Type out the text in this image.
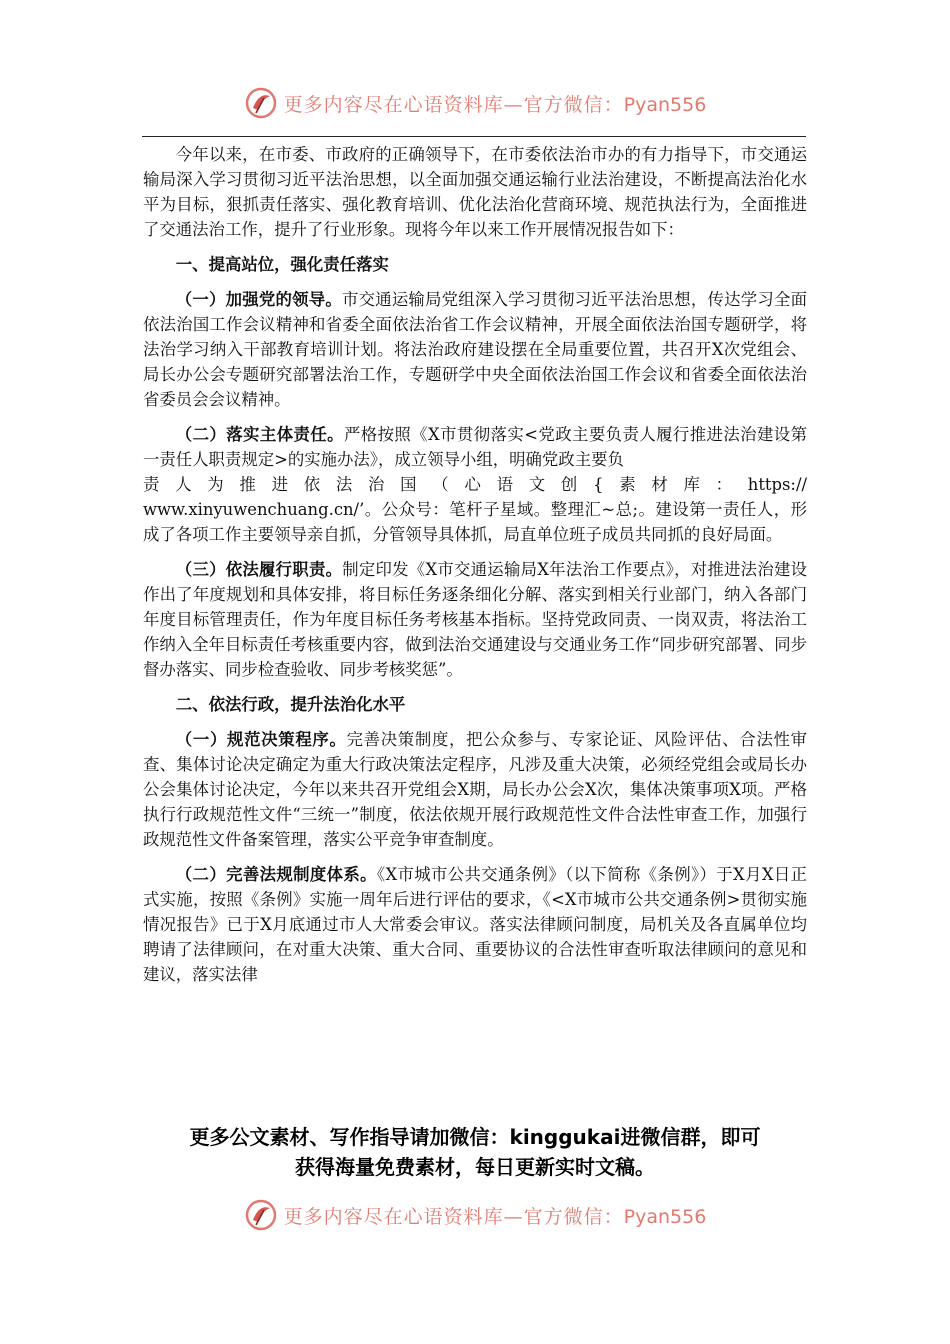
更多内容尽在心语资料库—官方微信：Pyan556

今年以来，在市委、市政府的正确领导下，在市委依法治市办的有力指导下，市交通运输局深入学习贯彻习近平法治思想，以全面加强交通运输行业法治建设，不断提高法治化水平为目标，狠抓责任落实、强化教育培训、优化法治化营商环境、规范执法行为，全面推进了交通法治工作，提升了行业形象。现将今年以来工作开展情况报告如下：

一、提高站位，强化责任落实

（一）加强党的领导。市交通运输局党组深入学习贯彻习近平法治思想，传达学习全面依法治国工作会议精神和省委全面依法治省工作会议精神，开展全面依法治国专题研学，将法治学习纳入干部教育培训计划。将法治政府建设摆在全局重要位置，共召开X次党组会、局长办公会专题研究部署法治工作，专题研学中央全面依法治国工作会议和省委全面依法治省委员会会议精神。

（二）落实主体责任。严格按照《X市贯彻落实<党政主要负责人履行推进法治建设第一责任人职责规定>的实施办法》，成立领导小组，明确党政主要负

责人为推进依法治国（心语文创{素材库：https://

www.xinyuwenchuang.cn/’。公众号：笔杆子星域。整理汇~总;。建设第一责任人，形成了各项工作主要领导亲自抓，分管领导具体抓，局直单位班子成员共同抓的良好局面。

（三）依法履行职责。制定印发《X市交通运输局X年法治工作要点》，对推进法治建设作出了年度规划和具体安排，将目标任务逐条细化分解、落实到相关行业部门，纳入各部门年度目标管理责任，作为年度目标任务考核基本指标。坚持党政同责、一岗双责，将法治工作纳入全年目标责任考核重要内容，做到法治交通建设与交通业务工作“同步研究部署、同步督办落实、同步检查验收、同步考核奖惩”。

二、依法行政，提升法治化水平

（一）规范决策程序。完善决策制度，把公众参与、专家论证、风险评估、合法性审查、集体讨论决定确定为重大行政决策法定程序，凡涉及重大决策，必须经党组会或局长办公会集体讨论决定，今年以来共召开党组会X期，局长办公会X次，集体决策事项X项。严格执行行政规范性文件“三统一”制度，依法依规开展行政规范性文件合法性审查工作，加强行政规范性文件备案管理，落实公平竞争审查制度。

（二）完善法规制度体系。《X市城市公共交通条例》（以下简称《条例》）于X月X日正式实施，按照《条例》实施一周年后进行评估的要求，《<X市城市公共交通条例>贯彻实施情况报告》已于X月底通过市人大常委会审议。落实法律顾问制度，局机关及各直属单位均聘请了法律顾问，在对重大决策、重大合同、重要协议的合法性审查听取法律顾问的意见和建议，落实法律

更多公文素材、写作指导请加微信：kinggukai进微信群，即可
获得海量免费素材，每日更新实时文稿。
更多内容尽在心语资料库—官方微信：Pyan556
